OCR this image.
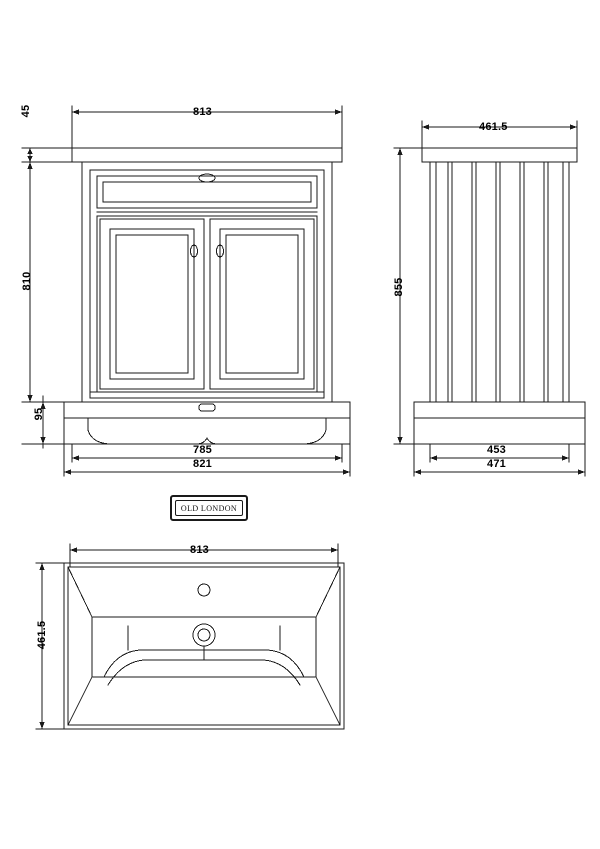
813
45
810
95
785
821
461.5
855
453
471
813
461.5
OLD LONDON
